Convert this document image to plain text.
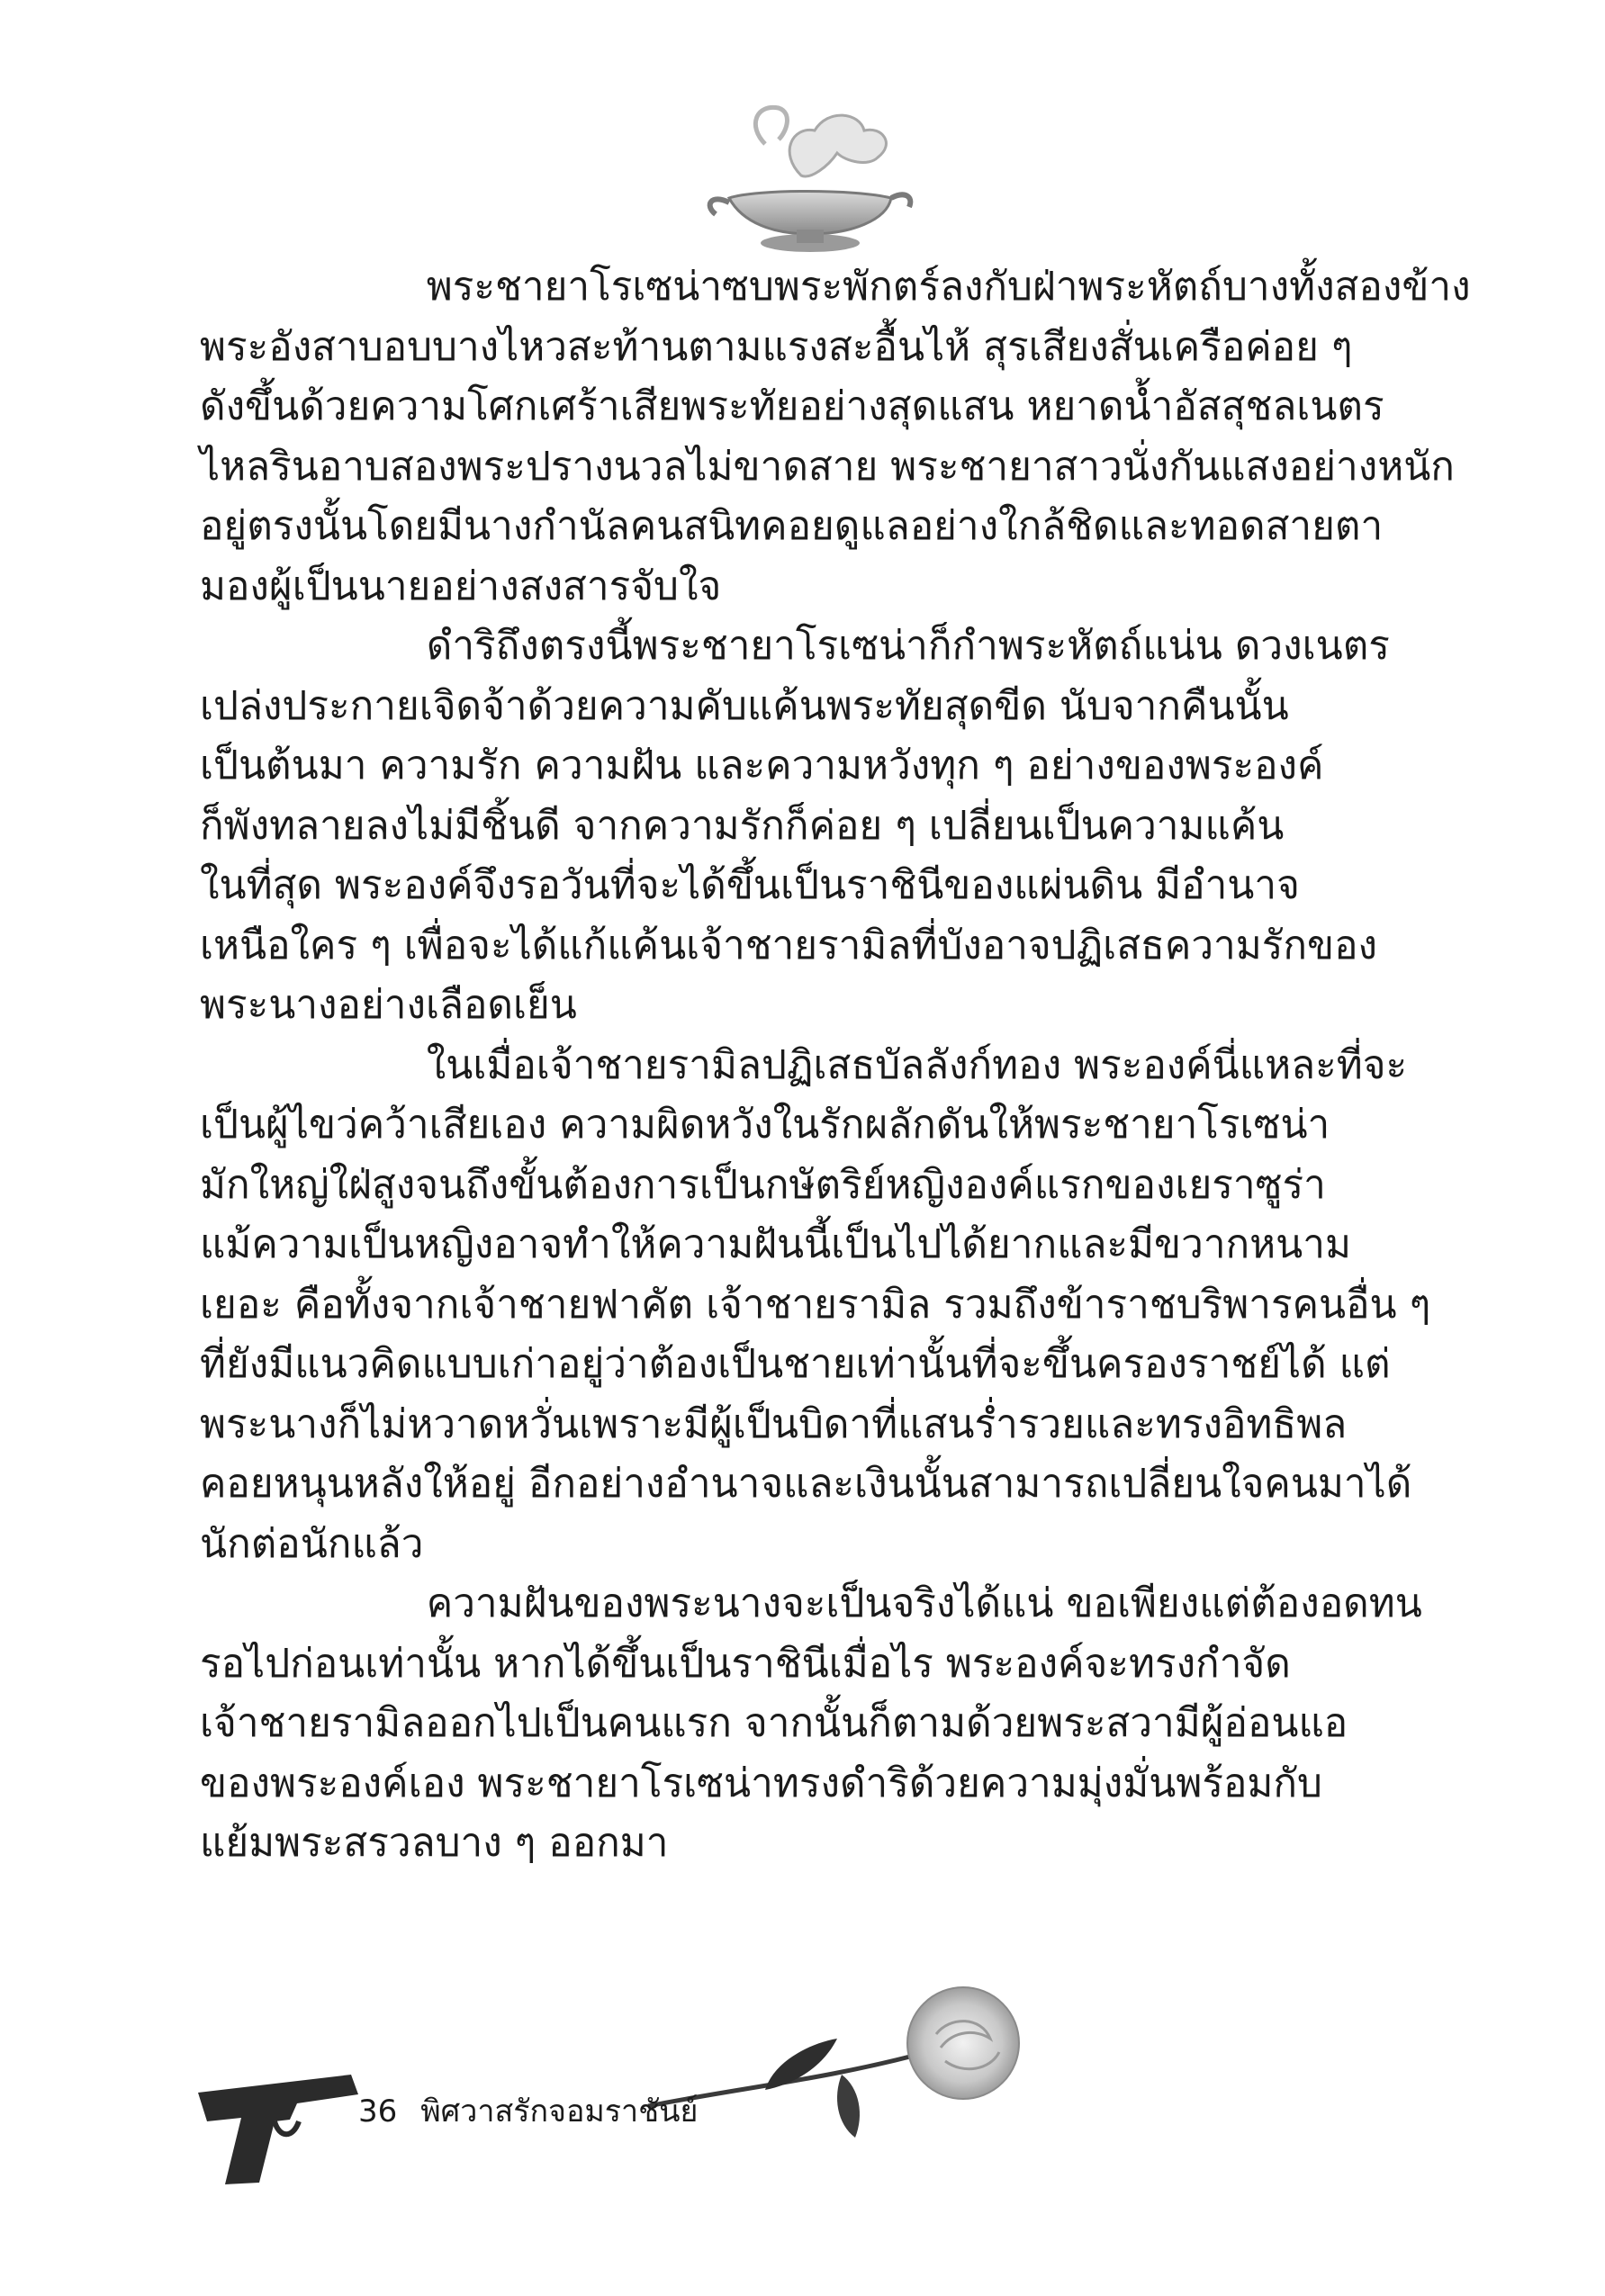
พระชายาโรเซน่าซบพระพักตร์ลงกับฝ่าพระหัตถ์บางทั้งสองข้าง
พระอังสาบอบบางไหวสะท้านตามแรงสะอื้นไห้ สุรเสียงสั่นเครือค่อย ๆ
ดังขึ้นด้วยความโศกเศร้าเสียพระทัยอย่างสุดแสน หยาดน้ำอัสสุชลเนตร
ไหลรินอาบสองพระปรางนวลไม่ขาดสาย พระชายาสาวนั่งกันแสงอย่างหนัก
อยู่ตรงนั้นโดยมีนางกำนัลคนสนิทคอยดูแลอย่างใกล้ชิดและทอดสายตา
มองผู้เป็นนายอย่างสงสารจับใจ
ดำริถึงตรงนี้พระชายาโรเซน่าก็กำพระหัตถ์แน่น ดวงเนตร
เปล่งประกายเจิดจ้าด้วยความคับแค้นพระทัยสุดขีด นับจากคืนนั้น
เป็นต้นมา ความรัก ความฝัน และความหวังทุก ๆ อย่างของพระองค์
ก็พังทลายลงไม่มีชิ้นดี จากความรักก็ค่อย ๆ เปลี่ยนเป็นความแค้น
ในที่สุด พระองค์จึงรอวันที่จะได้ขึ้นเป็นราชินีของแผ่นดิน มีอำนาจ
เหนือใคร ๆ เพื่อจะได้แก้แค้นเจ้าชายรามิลที่บังอาจปฏิเสธความรักของ
พระนางอย่างเลือดเย็น
ในเมื่อเจ้าชายรามิลปฏิเสธบัลลังก์ทอง พระองค์นี่แหละที่จะ
เป็นผู้ไขว่คว้าเสียเอง ความผิดหวังในรักผลักดันให้พระชายาโรเซน่า
มักใหญ่ใฝ่สูงจนถึงขั้นต้องการเป็นกษัตริย์หญิงองค์แรกของเยราซูร่า
แม้ความเป็นหญิงอาจทำให้ความฝันนี้เป็นไปได้ยากและมีขวากหนาม
เยอะ คือทั้งจากเจ้าชายฟาคัต เจ้าชายรามิล รวมถึงข้าราชบริพารคนอื่น ๆ
ที่ยังมีแนวคิดแบบเก่าอยู่ว่าต้องเป็นชายเท่านั้นที่จะขึ้นครองราชย์ได้ แต่
พระนางก็ไม่หวาดหวั่นเพราะมีผู้เป็นบิดาที่แสนร่ำรวยและทรงอิทธิพล
คอยหนุนหลังให้อยู่ อีกอย่างอำนาจและเงินนั้นสามารถเปลี่ยนใจคนมาได้
นักต่อนักแล้ว
ความฝันของพระนางจะเป็นจริงได้แน่ ขอเพียงแต่ต้องอดทน
รอไปก่อนเท่านั้น หากได้ขึ้นเป็นราชินีเมื่อไร พระองค์จะทรงกำจัด
เจ้าชายรามิลออกไปเป็นคนแรก จากนั้นก็ตามด้วยพระสวามีผู้อ่อนแอ
ของพระองค์เอง พระชายาโรเซน่าทรงดำริด้วยความมุ่งมั่นพร้อมกับ
แย้มพระสรวลบาง ๆ ออกมา
36 พิศวาสรักจอมราชันย์
